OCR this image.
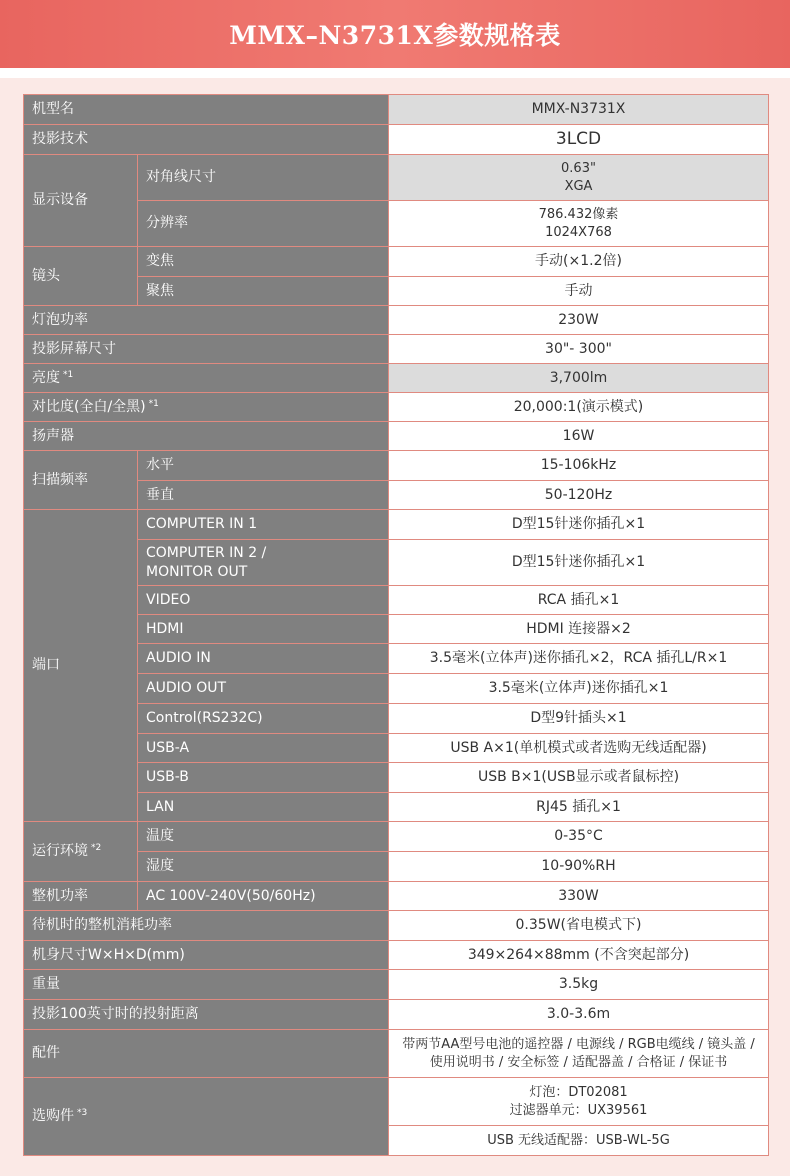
MMX–N3731X参数规格表
机型名		MMX-N3731X
投影技术		3LCD
显示设备	对角线尺寸	0.63"
XGA
	分辨率	786.432像素
1024X768
镜头	变焦	手动(×1.2倍)
	聚焦	手动
灯泡功率		230W
投影屏幕尺寸		30"- 300"
亮度 $^{*1}$		3,700lm
对比度(全白/全黑) $^{*1}$		20,000:1(演示模式)
扬声器		16W
扫描频率	水平	15-106kHz
	垂直	50-120Hz
端口	COMPUTER IN 1	D型15针迷你插孔×1
	COMPUTER IN 2 /
MONITOR OUT	D型15针迷你插孔×1
	VIDEO	RCA 插孔×1
	HDMI	HDMI 连接器×2
	AUDIO IN	3.5毫米(立体声)迷你插孔×2，RCA 插孔L/R×1
	AUDIO OUT	3.5毫米(立体声)迷你插孔×1
	Control(RS232C)	D型9针插头×1
	USB-A	USB A×1(单机模式或者选购无线适配器)
	USB-B	USB B×1(USB显示或者鼠标控)
	LAN	RJ45 插孔×1
运行环境 $^{*2}$	温度	0-35°C
	湿度	10-90%RH
整机功率	AC 100V-240V(50/60Hz)	330W
待机时的整机消耗功率		0.35W(省电模式下)
机身尺寸W×H×D(mm)		349×264×88mm (不含突起部分)
重量		3.5kg
投影100英寸时的投射距离		3.0-3.6m
配件		带两节AA型号电池的遥控器 / 电源线 / RGB电缆线 / 镜头盖 /
使用说明书 / 安全标签 / 适配器盖 / 合格证 / 保证书
选购件 $^{*3}$		灯泡：DT02081
过滤器单元：UX39561
		USB 无线适配器：USB-WL-5G
